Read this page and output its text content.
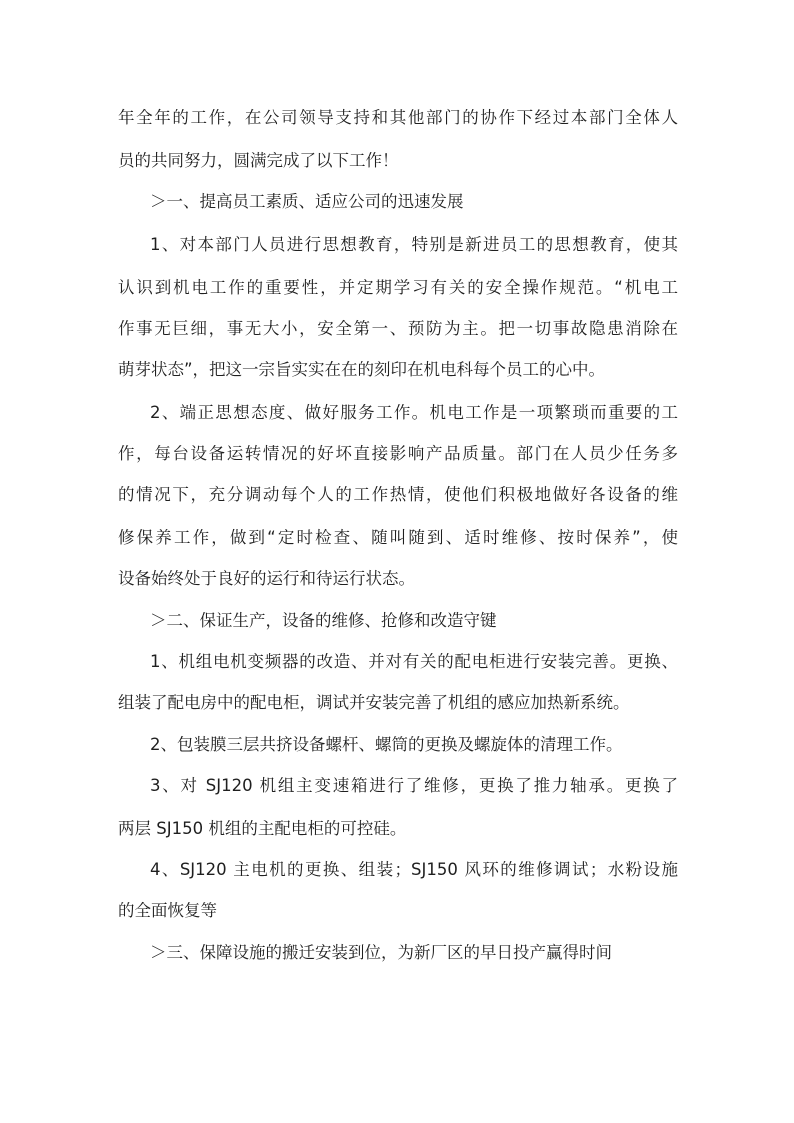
年全年的工作，在公司领导支持和其他部门的协作下经过本部门全体人
员的共同努力，圆满完成了以下工作！
＞一、提高员工素质、适应公司的迅速发展
1、对本部门人员进行思想教育，特别是新进员工的思想教育，使其
认识到机电工作的重要性，并定期学习有关的安全操作规范。“机电工
作事无巨细，事无大小，安全第一、预防为主。把一切事故隐患消除在
萌芽状态”，把这一宗旨实实在在的刻印在机电科每个员工的心中。
2、端正思想态度、做好服务工作。机电工作是一项繁琐而重要的工
作，每台设备运转情况的好坏直接影响产品质量。部门在人员少任务多
的情况下，充分调动每个人的工作热情，使他们积极地做好各设备的维
修保养工作，做到“定时检查、随叫随到、适时维修、按时保养”，使
设备始终处于良好的运行和待运行状态。
＞二、保证生产，设备的维修、抢修和改造守键
1、机组电机变频器的改造、并对有关的配电柜进行安装完善。更换、
组装了配电房中的配电柜，调试并安装完善了机组的感应加热新系统。
2、包装膜三层共挤设备螺杆、螺筒的更换及螺旋体的清理工作。
3、对 SJ120 机组主变速箱进行了维修，更换了推力轴承。更换了
两层 SJ150 机组的主配电柜的可控硅。
4、SJ120 主电机的更换、组装；SJ150 风环的维修调试；水粉设施
的全面恢复等
＞三、保障设施的搬迁安装到位，为新厂区的早日投产赢得时间
